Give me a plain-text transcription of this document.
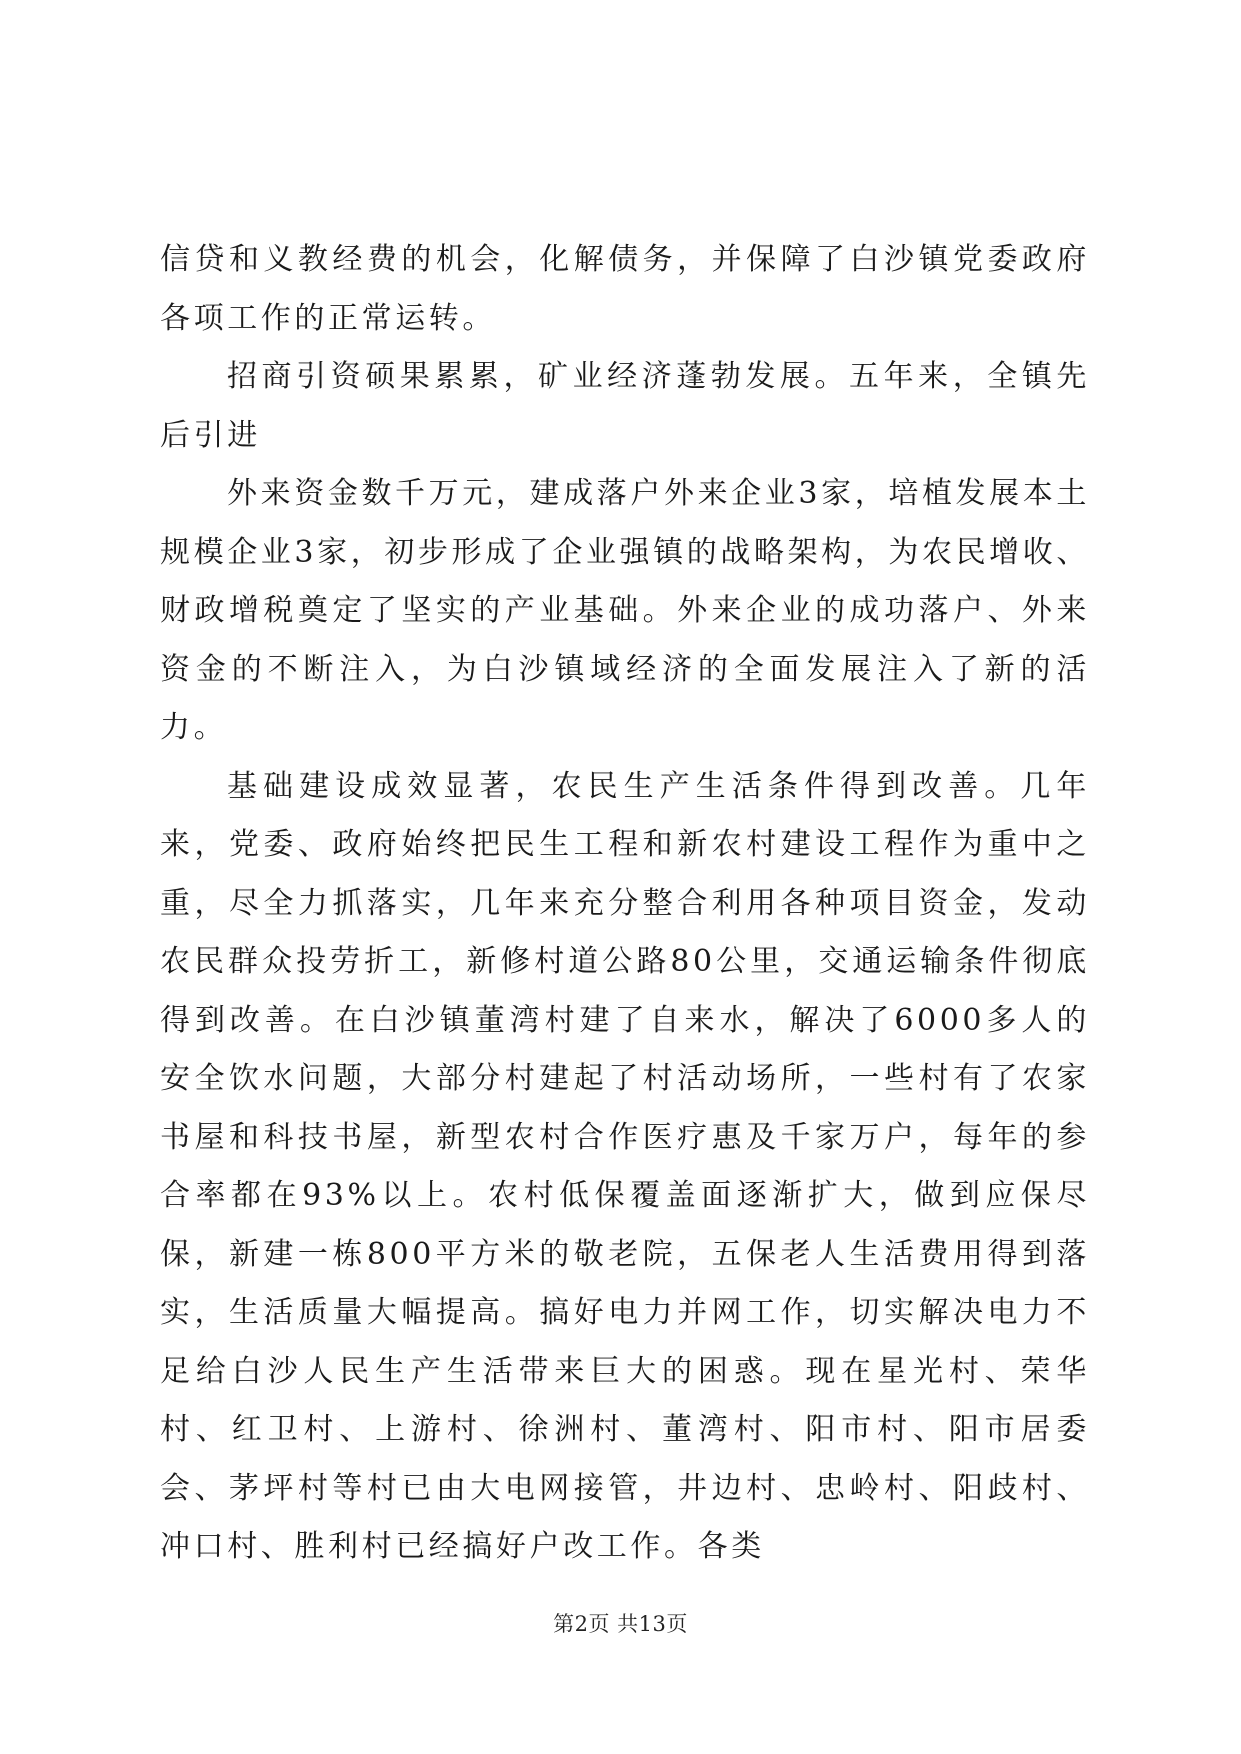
信贷和义教经费的机会，化解债务，并保障了白沙镇党委政府各项工作的正常运转。

招商引资硕果累累，矿业经济蓬勃发展。五年来，全镇先后引进

外来资金数千万元，建成落户外来企业3家，培植发展本土规模企业3家，初步形成了企业强镇的战略架构，为农民增收、财政增税奠定了坚实的产业基础。外来企业的成功落户、外来资金的不断注入，为白沙镇域经济的全面发展注入了新的活力。

基础建设成效显著，农民生产生活条件得到改善。几年来，党委、政府始终把民生工程和新农村建设工程作为重中之重，尽全力抓落实，几年来充分整合利用各种项目资金，发动农民群众投劳折工，新修村道公路80公里，交通运输条件彻底得到改善。在白沙镇董湾村建了自来水，解决了6000多人的安全饮水问题，大部分村建起了村活动场所，一些村有了农家书屋和科技书屋，新型农村合作医疗惠及千家万户，每年的参合率都在93%以上。农村低保覆盖面逐渐扩大，做到应保尽保，新建一栋800平方米的敬老院，五保老人生活费用得到落实，生活质量大幅提高。搞好电力并网工作，切实解决电力不足给白沙人民生产生活带来巨大的困惑。现在星光村、荣华村、红卫村、上游村、徐洲村、董湾村、阳市村、阳市居委会、茅坪村等村已由大电网接管，井边村、忠岭村、阳歧村、冲口村、胜利村已经搞好户改工作。各类

第2页 共13页
